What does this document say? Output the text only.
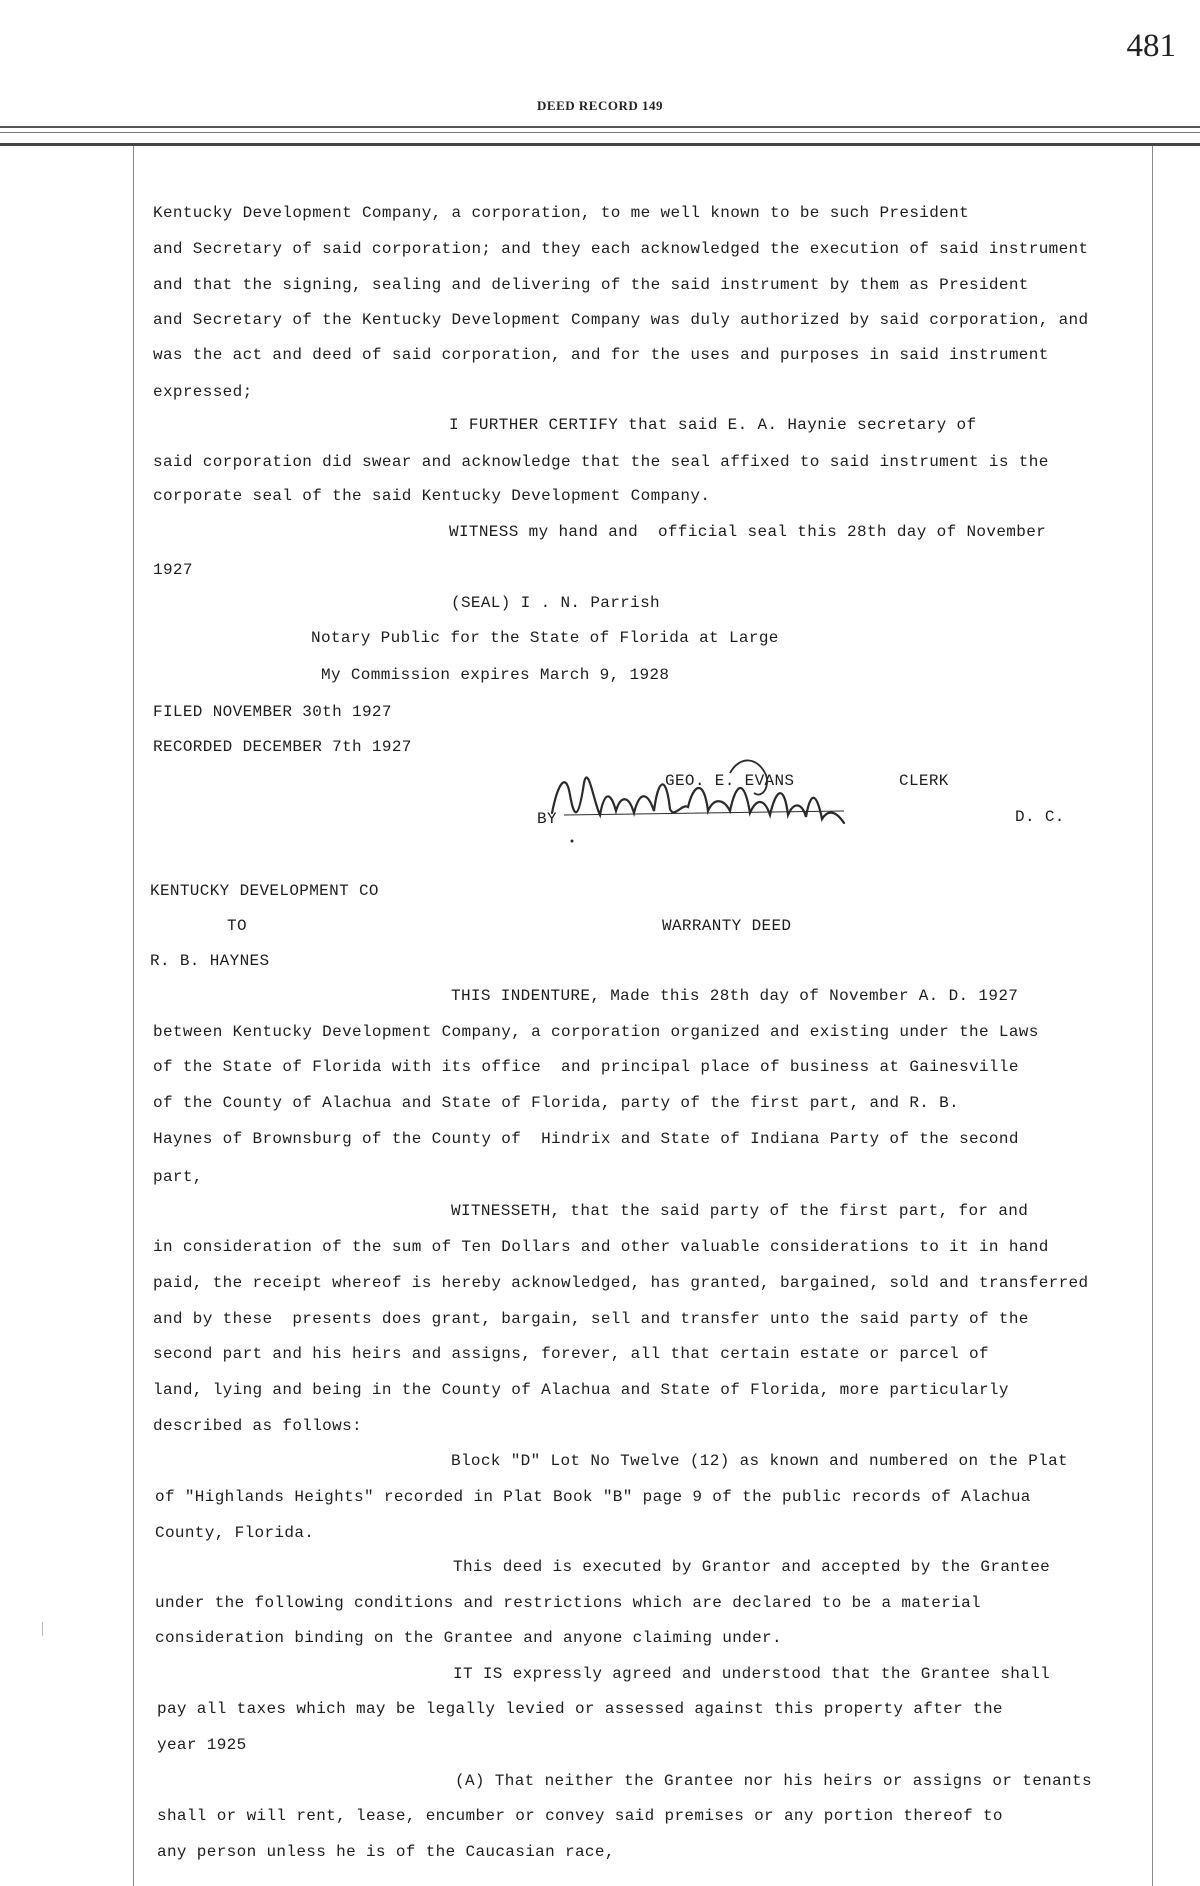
481
DEED RECORD 149
Kentucky Development Company, a corporation, to me well known to be such President
and Secretary of said corporation; and they each acknowledged the execution of said instrument
and that the signing, sealing and delivering of the said instrument by them as President
and Secretary of the Kentucky Development Company was duly authorized by said corporation, and
was the act and deed of said corporation, and for the uses and purposes in said instrument
expressed;
I FURTHER CERTIFY that said E. A. Haynie secretary of
said corporation did swear and acknowledge that the seal affixed to said instrument is the
corporate seal of the said Kentucky Development Company.
WITNESS my hand and  official seal this 28th day of November
1927
(SEAL) I . N. Parrish
Notary Public for the State of Florida at Large
My Commission expires March 9, 1928
FILED NOVEMBER 30th 1927
RECORDED DECEMBER 7th 1927
GEO. E. EVANS	CLERK
BY	D. C.
KENTUCKY DEVELOPMENT CO
TO	WARRANTY DEED
R. B. HAYNES
THIS INDENTURE, Made this 28th day of November A. D. 1927
between Kentucky Development Company, a corporation organized and existing under the Laws
of the State of Florida with its office  and principal place of business at Gainesville
of the County of Alachua and State of Florida, party of the first part, and R. B.
Haynes of Brownsburg of the County of  Hindrix and State of Indiana Party of the second
part,
WITNESSETH, that the said party of the first part, for and
in consideration of the sum of Ten Dollars and other valuable considerations to it in hand
paid, the receipt whereof is hereby acknowledged, has granted, bargained, sold and transferred
and by these  presents does grant, bargain, sell and transfer unto the said party of the
second part and his heirs and assigns, forever, all that certain estate or parcel of
land, lying and being in the County of Alachua and State of Florida, more particularly
described as follows:
Block "D" Lot No Twelve (12) as known and numbered on the Plat
of "Highlands Heights" recorded in Plat Book "B" page 9 of the public records of Alachua
County, Florida.
This deed is executed by Grantor and accepted by the Grantee
under the following conditions and restrictions which are declared to be a material
consideration binding on the Grantee and anyone claiming under.
IT IS expressly agreed and understood that the Grantee shall
pay all taxes which may be legally levied or assessed against this property after the
year 1925
(A) That neither the Grantee nor his heirs or assigns or tenants
shall or will rent, lease, encumber or convey said premises or any portion thereof to
any person unless he is of the Caucasian race,
